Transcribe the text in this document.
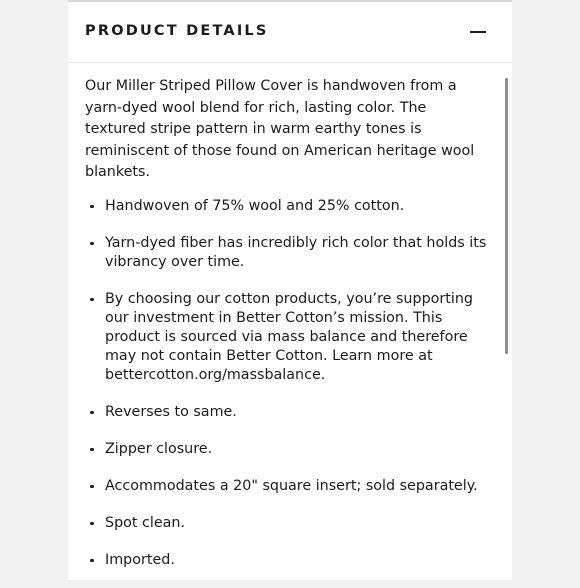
PRODUCT DETAILS

Our Miller Striped Pillow Cover is handwoven from a yarn-dyed wool blend for rich, lasting color. The textured stripe pattern in warm earthy tones is reminiscent of those found on American heritage wool blankets.

Handwoven of 75% wool and 25% cotton.
Yarn-dyed fiber has incredibly rich color that holds its vibrancy over time.
By choosing our cotton products, you’re supporting our investment in Better Cotton’s mission. This product is sourced via mass balance and therefore may not contain Better Cotton. Learn more at bettercotton.org/massbalance.
Reverses to same.
Zipper closure.
Accommodates a 20" square insert; sold separately.
Spot clean.
Imported.
